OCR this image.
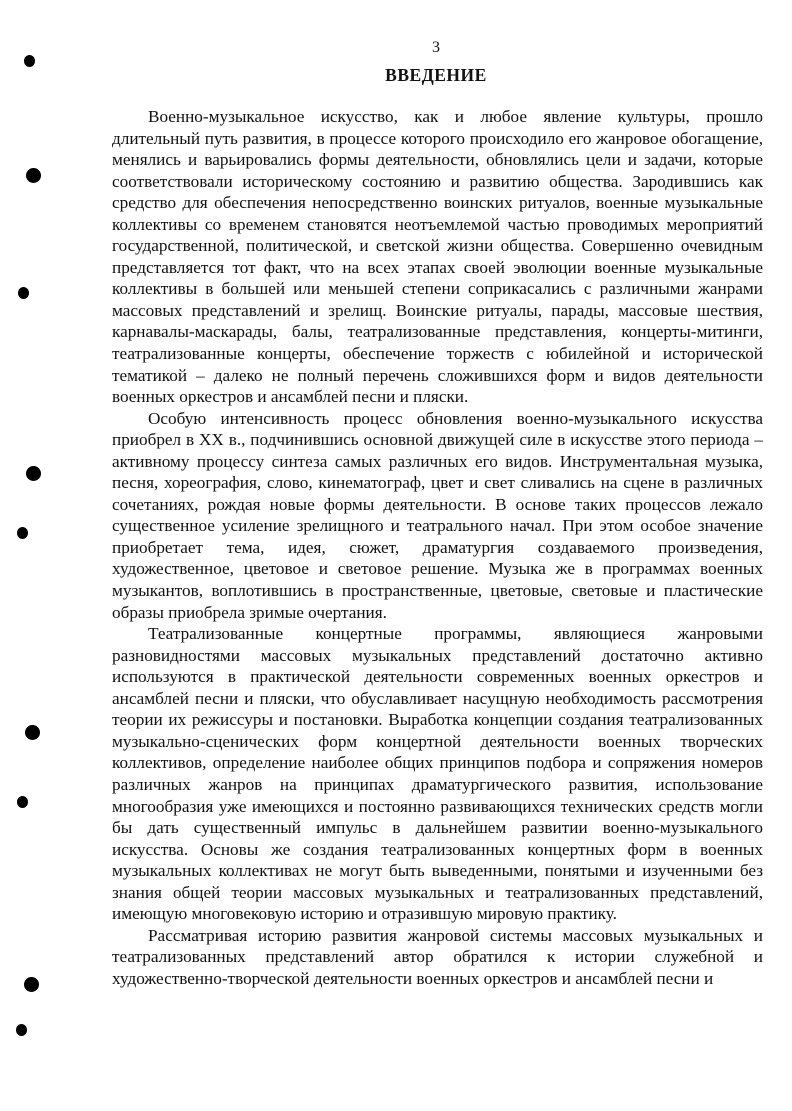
3
ВВЕДЕНИЕ

Военно-музыкальное искусство, как и любое явление культуры, прошло длительный путь развития, в процессе которого происходило его жанровое обогащение, менялись и варьировались формы деятельности, обновлялись цели и задачи, которые соответствовали историческому состоянию и развитию общества. Зародившись как средство для обеспечения непосредственно воинских ритуалов, военные музыкальные коллективы со временем становятся неотъемлемой частью проводимых мероприятий государственной, политической, и светской жизни общества. Совершенно очевидным представляется тот факт, что на всех этапах своей эволюции военные музыкальные коллективы в большей или меньшей степени соприкасались с различными жанрами массовых представлений и зрелищ. Воинские ритуалы, парады, массовые шествия, карнавалы-маскарады, балы, театрализованные представления, концерты-митинги, театрализованные концерты, обеспечение торжеств с юбилейной и исторической тематикой – далеко не полный перечень сложившихся форм и видов деятельности военных оркестров и ансамблей песни и пляски.

Особую интенсивность процесс обновления военно-музыкального искусства приобрел в XX в., подчинившись основной движущей силе в искусстве этого периода – активному процессу синтеза самых различных его видов. Инструментальная музыка, песня, хореография, слово, кинематограф, цвет и свет сливались на сцене в различных сочетаниях, рождая новые формы деятельности. В основе таких процессов лежало существенное усиление зрелищного и театрального начал. При этом особое значение приобретает тема, идея, сюжет, драматургия создаваемого произведения, художественное, цветовое и световое решение. Музыка же в программах военных музыкантов, воплотившись в пространственные, цветовые, световые и пластические образы приобрела зримые очертания.

Театрализованные концертные программы, являющиеся жанровыми разновидностями массовых музыкальных представлений достаточно активно используются в практической деятельности современных военных оркестров и ансамблей песни и пляски, что обуславливает насущную необходимость рассмотрения теории их режиссуры и постановки. Выработка концепции создания театрализованных музыкально-сценических форм концертной деятельности военных творческих коллективов, определение наиболее общих принципов подбора и сопряжения номеров различных жанров на принципах драматургического развития, использование многообразия уже имеющихся и постоянно развивающихся технических средств могли бы дать существенный импульс в дальнейшем развитии военно-музыкального искусства. Основы же создания театрализованных концертных форм в военных музыкальных коллективах не могут быть выведенными, понятыми и изученными без знания общей теории массовых музыкальных и театрализованных представлений, имеющую многовековую историю и отразившую мировую практику.

Рассматривая историю развития жанровой системы массовых музыкальных и театрализованных представлений автор обратился к истории служебной и художественно-творческой деятельности военных оркестров и ансамблей песни и
